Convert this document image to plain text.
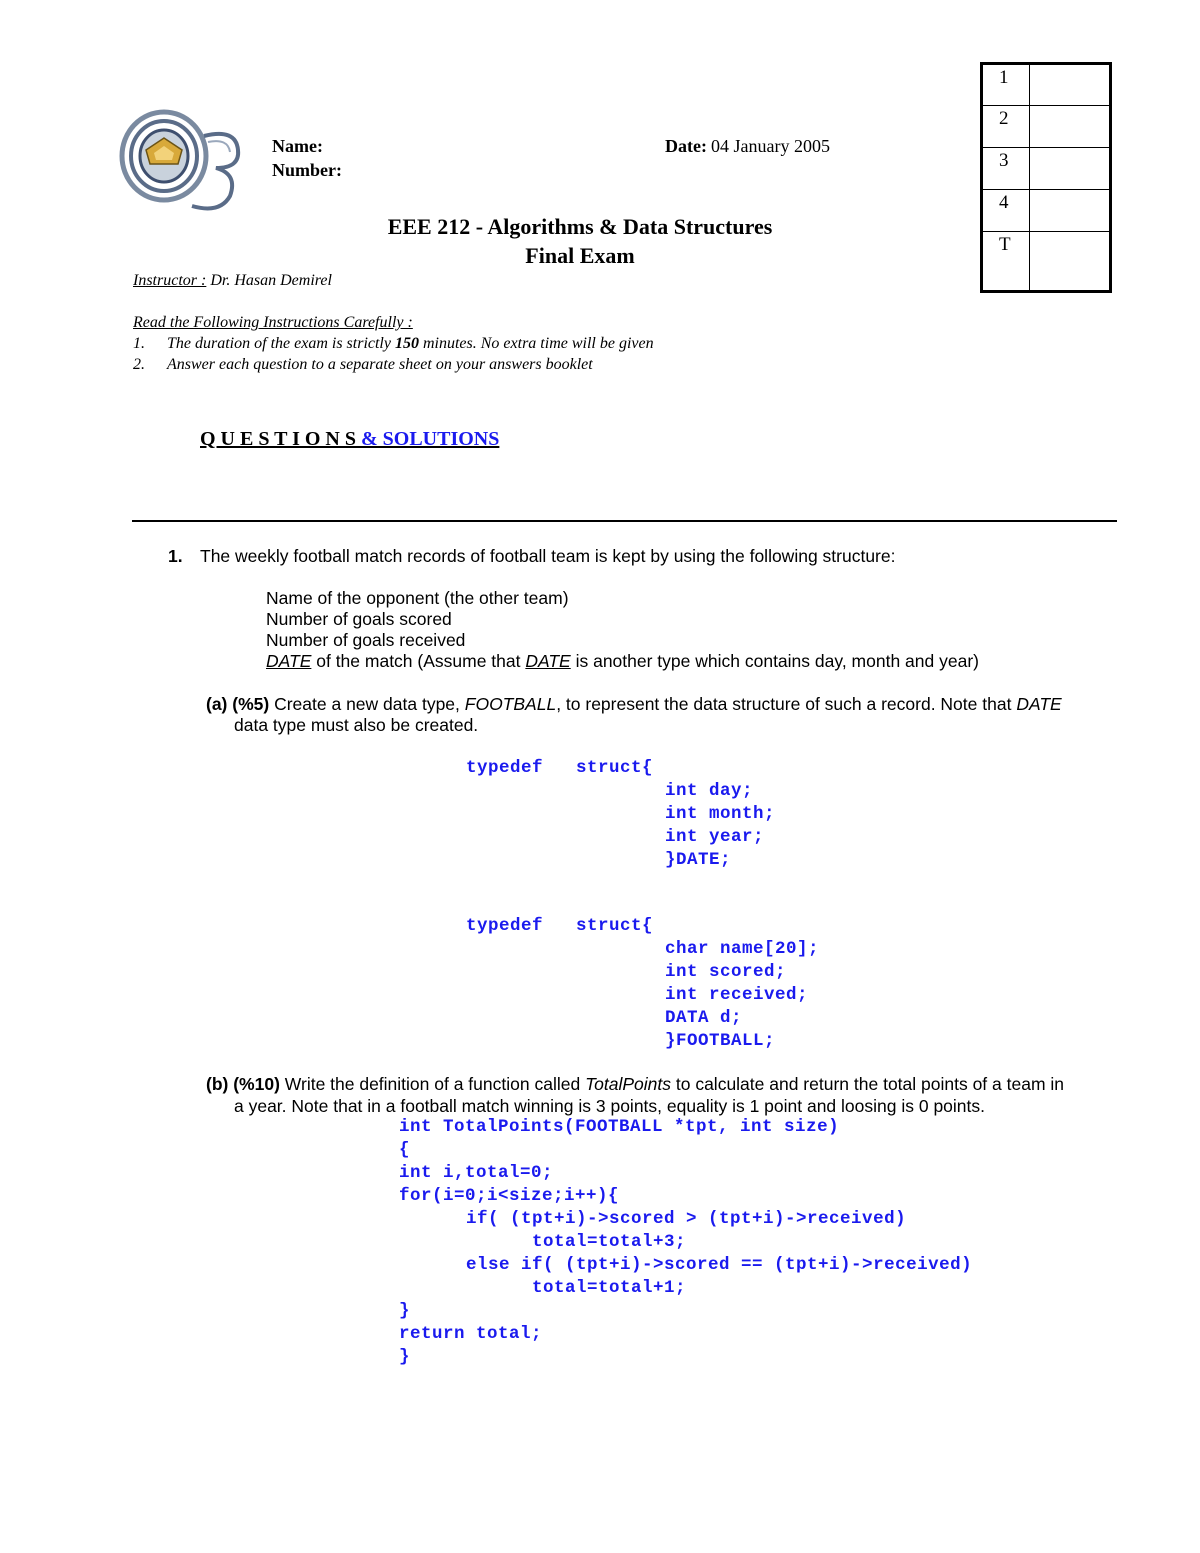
Name:
Number:
Date: 04 January 2005
1	
2	
3	
4	
T	
EEE 212 - Algorithms & Data Structures
Final Exam
Instructor : Dr. Hasan Demirel
Read the Following Instructions Carefully :
1. The duration of the exam is strictly 150 minutes. No extra time will be given
2. Answer each question to a separate sheet on your answers booklet
Q U E S T I O N S & SOLUTIONS
1. The weekly football match records of football team is kept by using the following structure:
Name of the opponent (the other team)
Number of goals scored
Number of goals received
DATE of the match (Assume that DATE is another type which contains day, month and year)
(a) (%5) Create a new data type, FOOTBALL, to represent the data structure of such a record. Note that DATE
data type must also be created.
typedef struct{
int day;
int month;
int year;
}DATE;
typedef struct{
char name[20];
int scored;
int received;
DATA d;
}FOOTBALL;
(b) (%10) Write the definition of a function called TotalPoints to calculate and return the total points of a team in
a year. Note that in a football match winning is 3 points, equality is 1 point and loosing is 0 points.
int TotalPoints(FOOTBALL *tpt, int size)
{
int i,total=0;
for(i=0;i<size;i++){
if( (tpt+i)->scored > (tpt+i)->received)
total=total+3;
else if( (tpt+i)->scored == (tpt+i)->received)
total=total+1;
}
return total;
}
